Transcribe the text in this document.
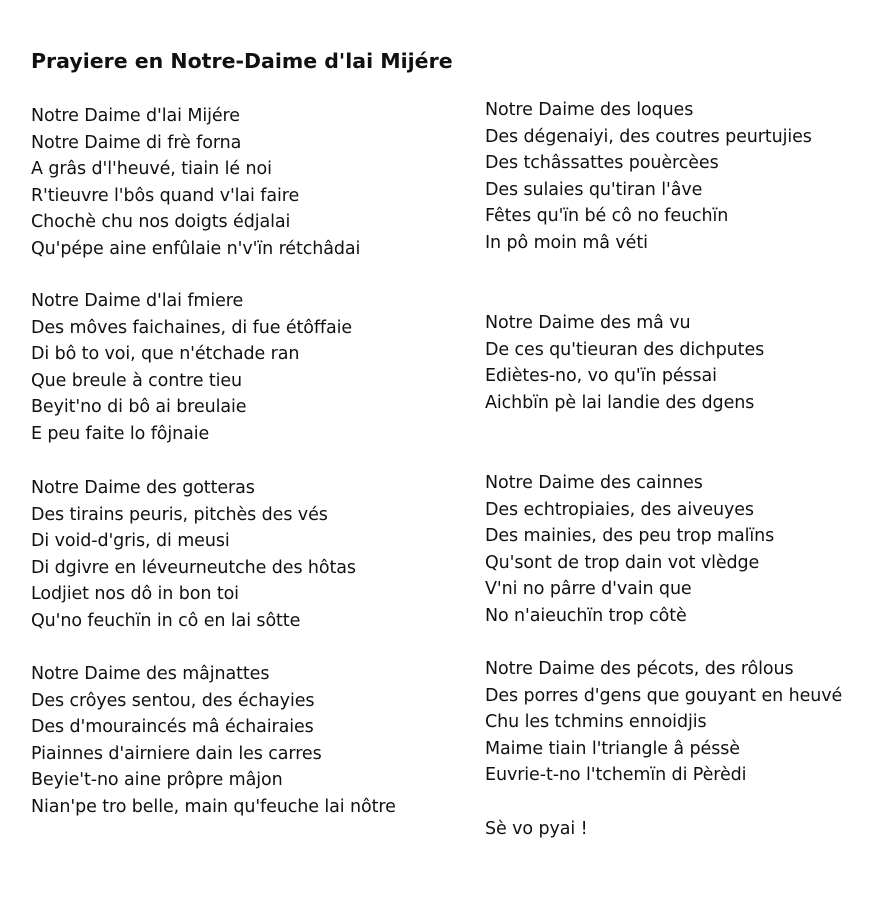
Prayiere en Notre-Daime d'lai Mijére
Notre Daime d'lai Mijére
Notre Daime di frè forna
A grâs d'l'heuvé, tiain lé noi
R'tieuvre l'bôs quand v'lai faire
Chochè chu nos doigts édjalai
Qu'pépe aine enfûlaie n'v'ïn rétchâdai
Notre Daime d'lai fmiere
Des môves faichaines, di fue étôffaie
Di bô to voi, que n'étchade ran
Que breule à contre tieu
Beyit'no di bô ai breulaie
E peu faite lo fôjnaie
Notre Daime des gotteras
Des tirains peuris, pitchès des vés
Di void-d'gris, di meusi
Di dgivre en léveurneutche des hôtas
Lodjiet nos dô in bon toi
Qu'no feuchïn in cô en lai sôtte
Notre Daime des mâjnattes
Des crôyes sentou, des échayies
Des d'mouraincés mâ échairaies
Piainnes d'airniere dain les carres
Beyie't-no aine prôpre mâjon
Nian'pe tro belle, main qu'feuche lai nôtre
Notre Daime des loques
Des dégenaiyi, des coutres peurtujies
Des tchâssattes pouèrcèes
Des sulaies qu'tiran l'âve
Fêtes qu'ïn bé cô no feuchïn
In pô moin mâ véti
Notre Daime des mâ vu
De ces qu'tieuran des dichputes
Ediètes-no, vo qu'ïn péssai
Aichbïn pè lai landie des dgens
Notre Daime des cainnes
Des echtropiaies, des aiveuyes
Des mainies, des peu trop malïns
Qu'sont de trop dain vot vlèdge
V'ni no pârre d'vain que
No n'aieuchïn trop côtè
Notre Daime des pécots, des rôlous
Des porres d'gens que gouyant en heuvé
Chu les tchmins ennoidjis
Maime tiain l'triangle â péssè
Euvrie-t-no l'tchemïn di Pèrèdi
Sè vo pyai !
